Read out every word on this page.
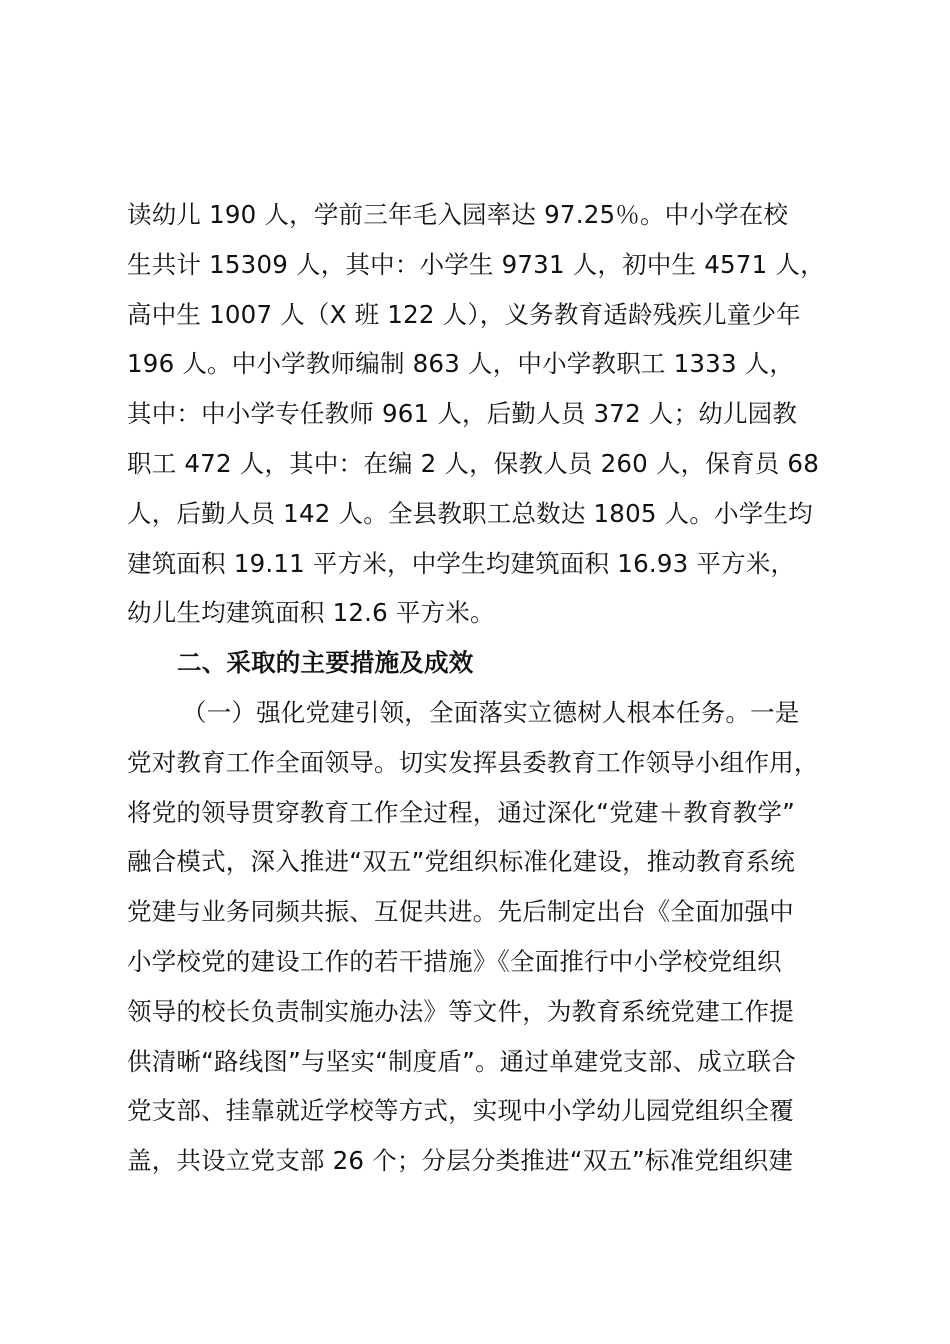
读幼儿 190 人，学前三年毛入园率达 97.25％。中小学在校
生共计 15309 人，其中：小学生 9731 人，初中生 4571 人，
高中生 1007 人（X 班 122 人），义务教育适龄残疾儿童少年
196 人。中小学教师编制 863 人，中小学教职工 1333 人，
其中：中小学专任教师 961 人，后勤人员 372 人；幼儿园教
职工 472 人，其中：在编 2 人，保教人员 260 人，保育员 68
人，后勤人员 142 人。全县教职工总数达 1805 人。小学生均
建筑面积 19.11 平方米，中学生均建筑面积 16.93 平方米，
幼儿生均建筑面积 12.6 平方米。
二、采取的主要措施及成效
（一）强化党建引领，全面落实立德树人根本任务。一是
党对教育工作全面领导。切实发挥县委教育工作领导小组作用，
将党的领导贯穿教育工作全过程，通过深化“党建＋教育教学”
融合模式，深入推进“双五”党组织标准化建设，推动教育系统
党建与业务同频共振、互促共进。先后制定出台《全面加强中
小学校党的建设工作的若干措施》《全面推行中小学校党组织
领导的校长负责制实施办法》等文件，为教育系统党建工作提
供清晰“路线图”与坚实“制度盾”。通过单建党支部、成立联合
党支部、挂靠就近学校等方式，实现中小学幼儿园党组织全覆
盖，共设立党支部 26 个；分层分类推进“双五”标准党组织建
